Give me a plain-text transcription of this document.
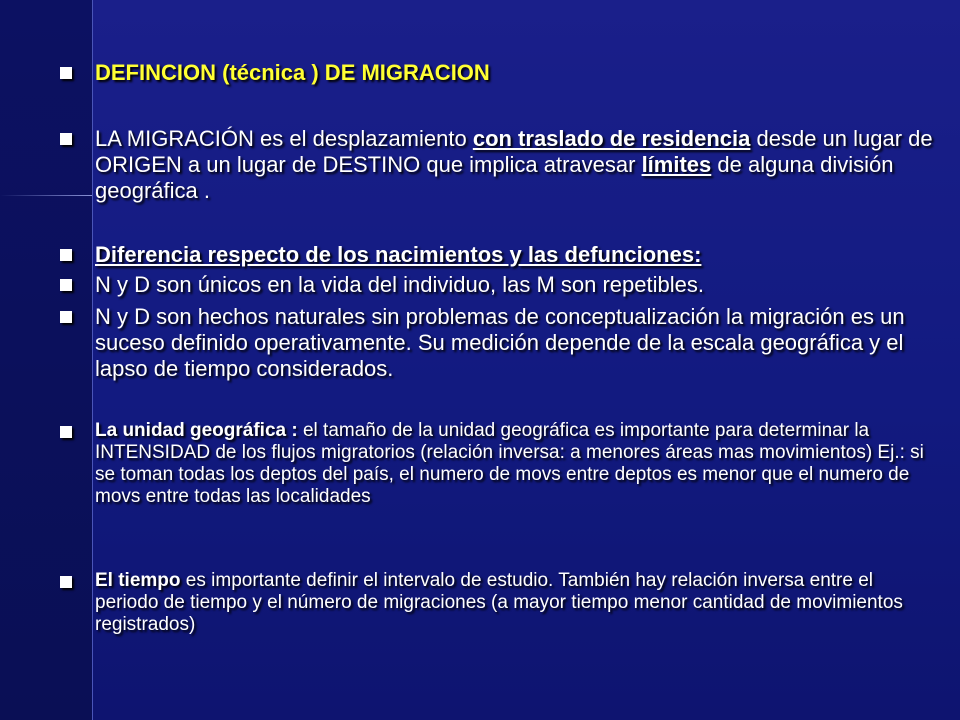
DEFINCION (técnica ) DE MIGRACION
LA MIGRACIÓN es el desplazamiento con traslado de residencia desde un lugar de ORIGEN a un lugar de DESTINO que implica atravesar límites de alguna división geográfica .
Diferencia respecto de los nacimientos y las defunciones:
N y D son únicos en la vida del individuo, las M son repetibles.
N y D son hechos naturales sin problemas de conceptualización la migración es un suceso definido operativamente. Su medición depende de la escala geográfica y el lapso de tiempo considerados.
La unidad geográfica : el tamaño de la unidad geográfica es importante para determinar la INTENSIDAD de los flujos migratorios (relación inversa: a menores áreas mas movimientos) Ej.: si se toman todas los deptos del país, el numero de movs entre deptos es menor que el numero de movs entre todas las localidades
El tiempo es importante definir el intervalo de estudio. También hay relación inversa entre el periodo de tiempo y el número de migraciones (a mayor tiempo menor cantidad de movimientos registrados)
